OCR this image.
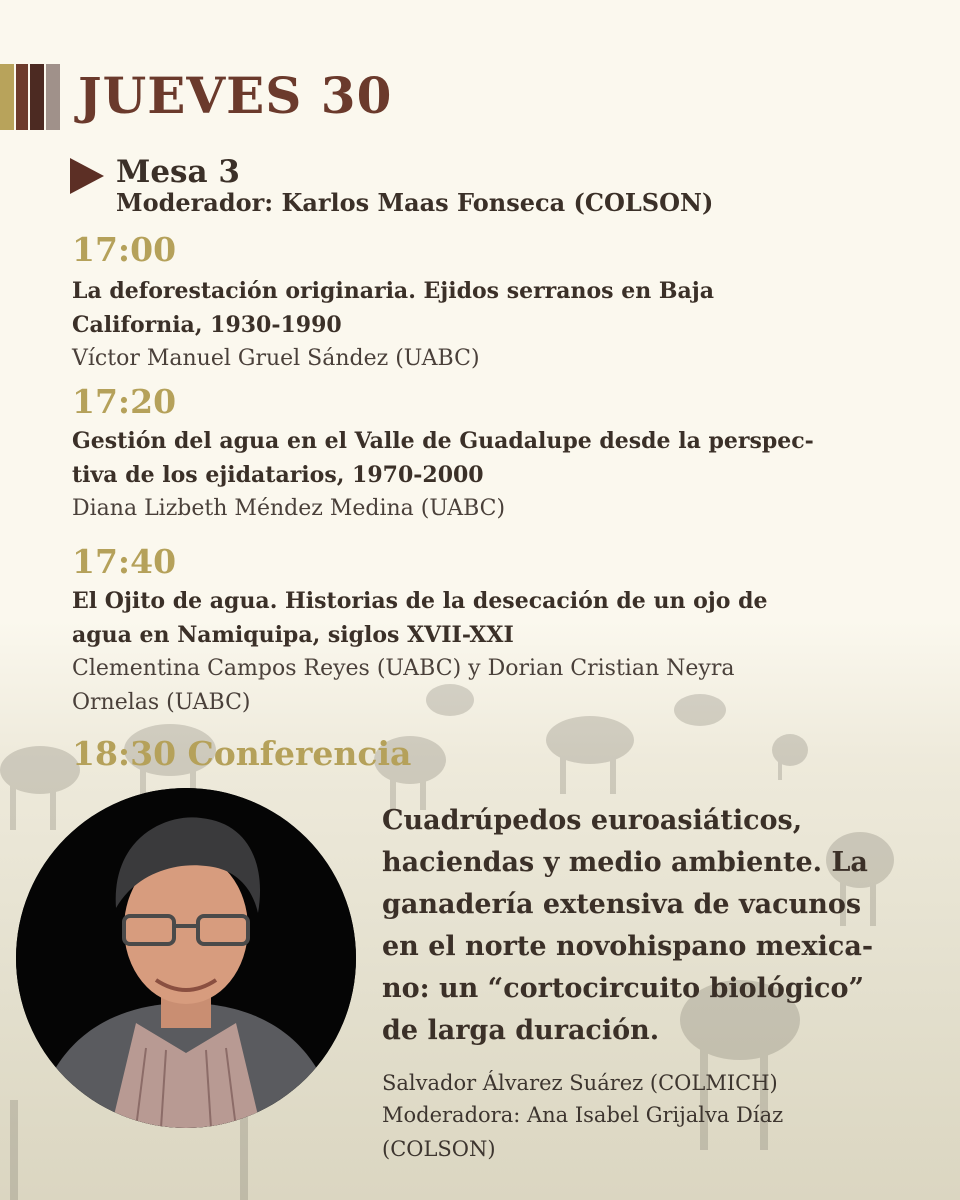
JUEVES 30
Mesa 3
Moderador: Karlos Maas Fonseca (COLSON)
17:00
La deforestación originaria. Ejidos serranos en Baja
California, 1930-1990
Víctor Manuel Gruel Sández (UABC)
17:20
Gestión del agua en el Valle de Guadalupe desde la perspec-
tiva de los ejidatarios, 1970-2000
Diana Lizbeth Méndez Medina (UABC)
17:40
El Ojito de agua. Historias de la desecación de un ojo de
agua en Namiquipa, siglos XVII-XXI
Clementina Campos Reyes (UABC) y Dorian Cristian Neyra
Ornelas (UABC)
18:30 Conferencia
Cuadrúpedos euroasiáticos,
haciendas y medio ambiente. La
ganadería extensiva de vacunos
en el norte novohispano mexica-
no: un “cortocircuito biológico”
de larga duración.
Salvador Álvarez Suárez (COLMICH)
Moderadora: Ana Isabel Grijalva Díaz
(COLSON)
